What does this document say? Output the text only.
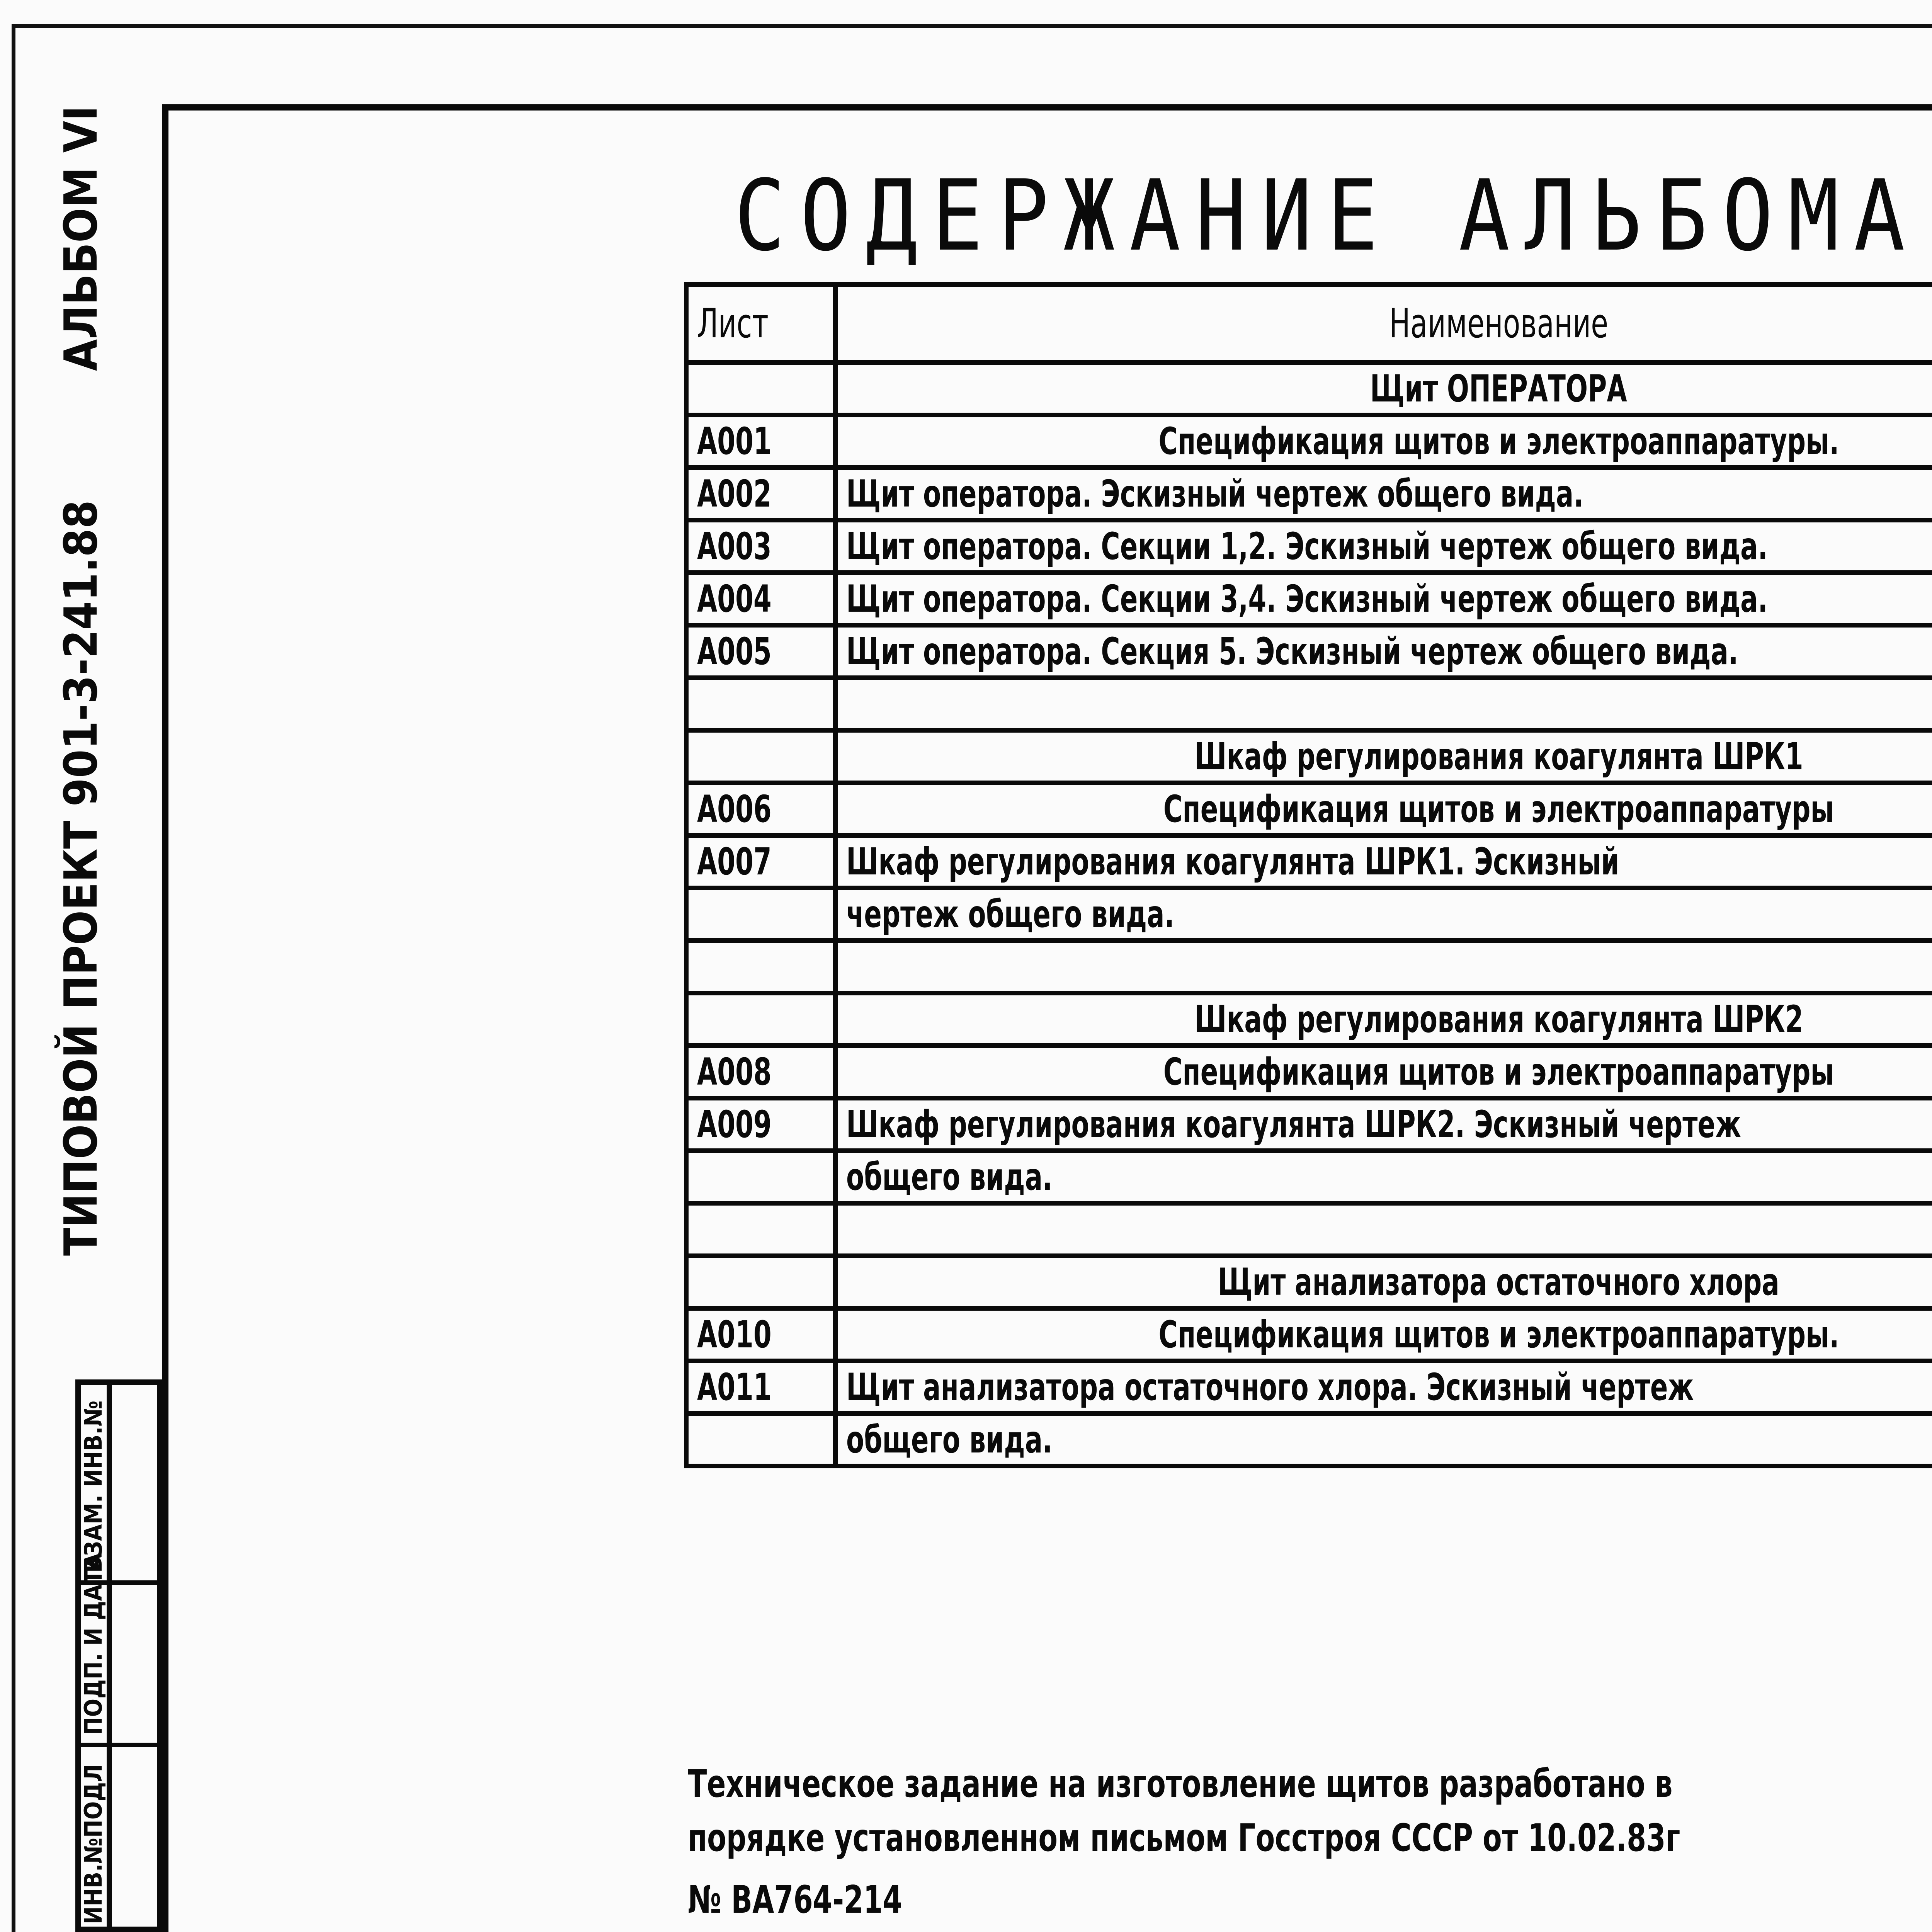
ТИПОВОЙ ПРОЕКТ 901-3-241.88  АЛЬБОМ VI
ИНВ.№ПОДЛ
ПОДП. И ДАТА
ВЗАМ. ИНВ.№
СОДЕРЖАНИЕ АЛЬБОМА
Лист	Наименование	
	Щит ОПЕРАТОРА	
А001	Спецификация щитов и электроаппаратуры.	
А002	Щит оператора. Эскизный чертеж общего вида.	
А003	Щит оператора. Секции 1,2. Эскизный чертеж общего вида.	
А004	Щит оператора. Секции 3,4. Эскизный чертеж общего вида.	
А005	Щит оператора. Секция 5. Эскизный чертеж общего вида.	

	Шкаф регулирования коагулянта ШРК1	
А006	Спецификация щитов и электроаппаратуры	
А007	Шкаф регулирования коагулянта ШРК1. Эскизный	
	чертеж общего вида.	

	Шкаф регулирования коагулянта ШРК2	
А008	Спецификация щитов и электроаппаратуры	
А009	Шкаф регулирования коагулянта ШРК2. Эскизный чертеж	
	общего вида.	

	Щит анализатора остаточного хлора	
А010	Спецификация щитов и электроаппаратуры.	
А011	Щит анализатора остаточного хлора. Эскизный чертеж	
	общего вида.	
Техническое задание на изготовление щитов разработано в
порядке установленном письмом Госстроя СССР от 10.02.83г
№ ВА764-214
